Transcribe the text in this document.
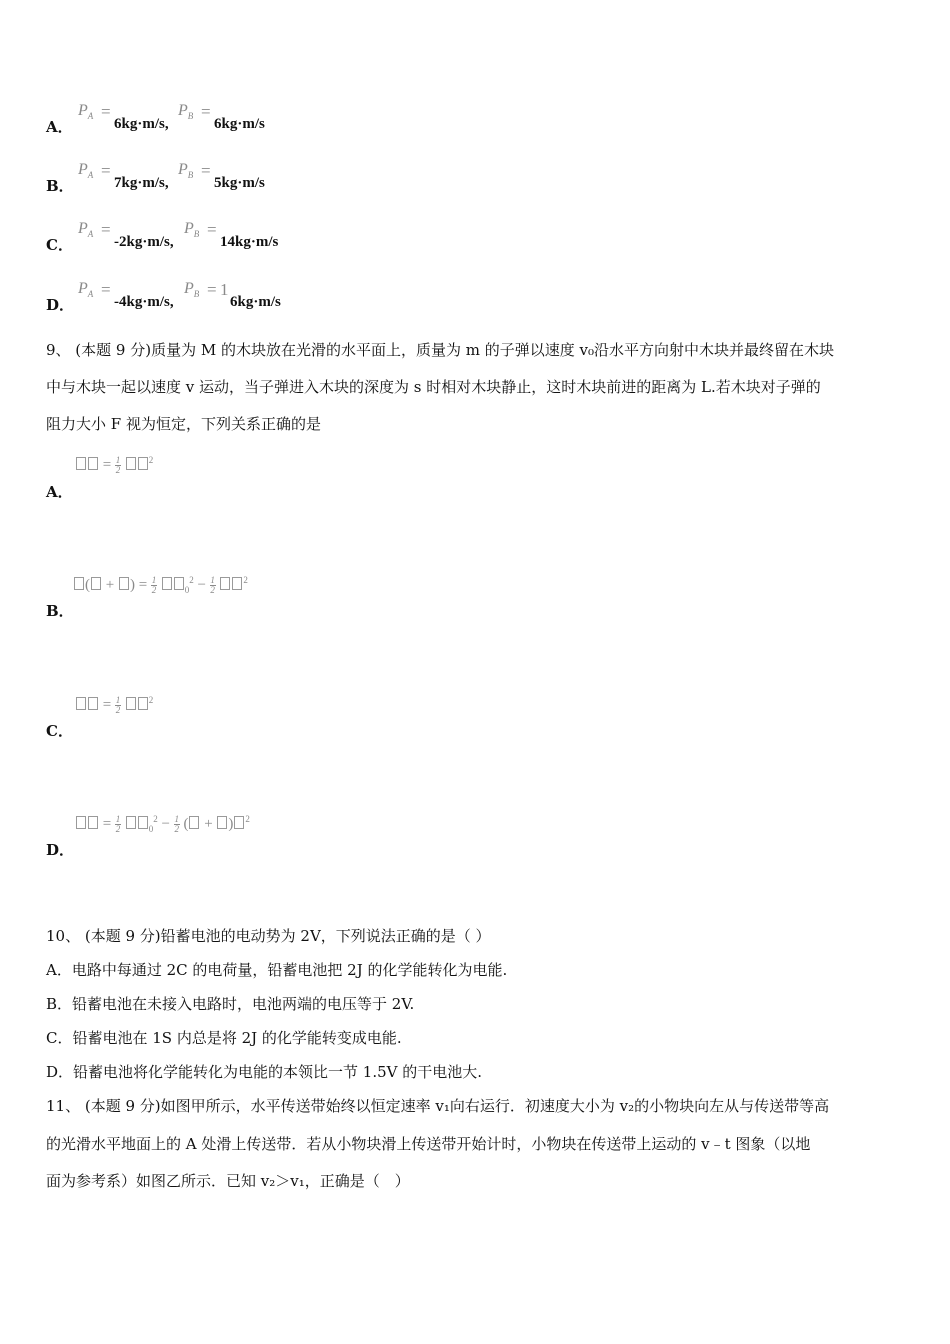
A．
$P_A$ =
6kg·m/s,
$P_B$ =
6kg·m/s
B．
$P_A$ =
7kg·m/s,
$P_B$ =
5kg·m/s
C．
$P_A$ =
-2kg·m/s,
$P_B$ =
14kg·m/s
D．
$P_A$ =
-4kg·m/s,
$P_B = 1$
6kg·m/s
9、 (本题 9 分)质量为 M 的木块放在光滑的水平面上，质量为 m 的子弹以速度 v₀沿水平方向射中木块并最终留在木块
中与木块一起以速度 v 运动，当子弹进入木块的深度为 s 时相对木块静止，这时木块前进的距离为 L.若木块对子弹的
阻力大小 F 视为恒定，下列关系正确的是
= $\frac{1}{2}$	$^2$
A．
( + ) = $\frac{1}{2}$	$_0^2 - \frac{1}{2}$	$^2$
B．
= $\frac{1}{2}$	$^2$
C．
= $\frac{1}{2}$	$_0^2 - \frac{1}{2}$ ( + ) $^2$
D．
10、 (本题 9 分)铅蓄电池的电动势为 2V，下列说法正确的是（ ）
A．电路中每通过 2C 的电荷量，铅蓄电池把 2J 的化学能转化为电能.
B．铅蓄电池在未接入电路时，电池两端的电压等于 2V.
C．铅蓄电池在 1S 内总是将 2J 的化学能转变成电能.
D．铅蓄电池将化学能转化为电能的本领比一节 1.5V 的干电池大.
11、 (本题 9 分)如图甲所示，水平传送带始终以恒定速率 v₁向右运行．初速度大小为 v₂的小物块向左从与传送带等高
的光滑水平地面上的 A 处滑上传送带．若从小物块滑上传送带开始计时，小物块在传送带上运动的 v﹣t 图象（以地
面为参考系）如图乙所示．已知 v₂＞v₁，正确是（　）
